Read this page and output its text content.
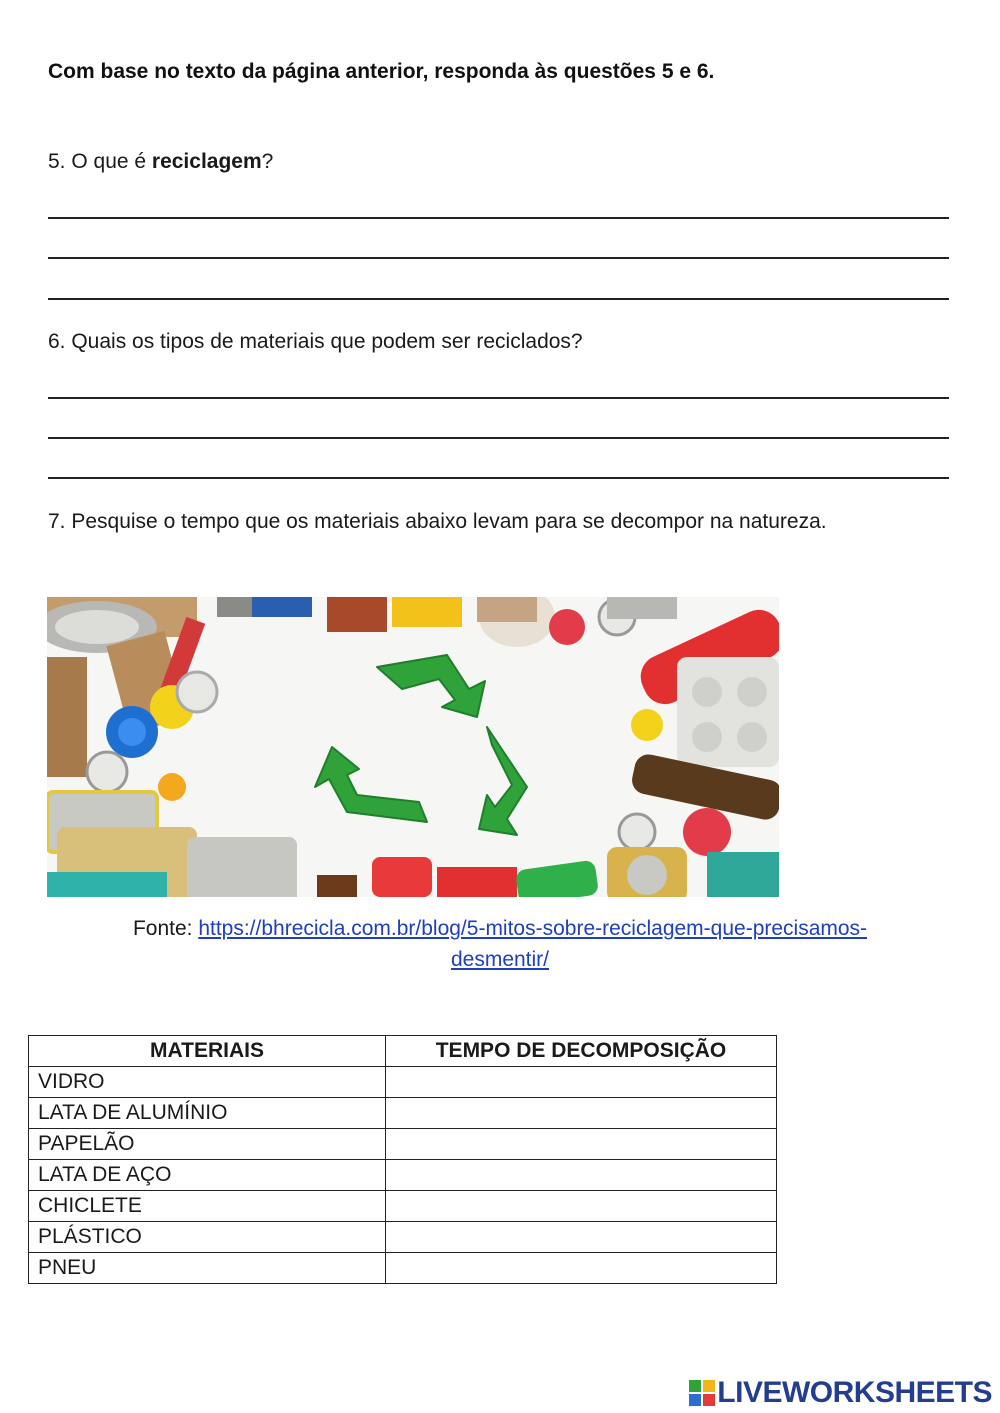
Com base no texto da página anterior, responda às questões 5 e 6.
5. O que é reciclagem?
6. Quais os tipos de materiais que podem ser reciclados?
7. Pesquise o tempo que os materiais abaixo levam para se decompor na natureza.
Fonte: https://bhrecicla.com.br/blog/5-mitos-sobre-reciclagem-que-precisamos-
desmentir/
MATERIAIS	TEMPO DE DECOMPOSIÇÃO
VIDRO	
LATA DE ALUMÍNIO	
PAPELÃO	
LATA DE AÇO	
CHICLETE	
PLÁSTICO	
PNEU	
LIVEWORKSHEETS
